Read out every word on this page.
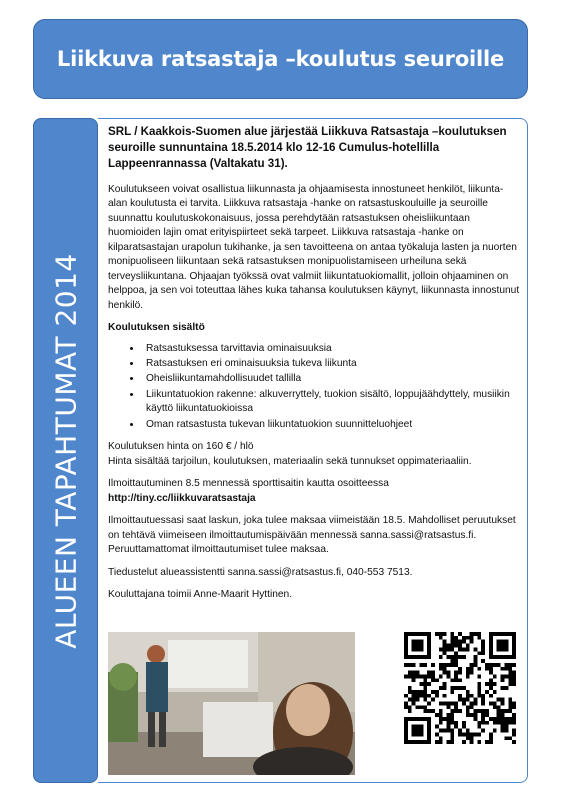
Liikkuva ratsastaja –koulutus seuroille
ALUEEN TAPAHTUMAT 2014

SRL / Kaakkois-Suomen alue järjestää Liikkuva Ratsastaja –koulutuksen seuroille sunnuntaina 18.5.2014 klo 12-16 Cumulus-hotellilla Lappeenrannassa (Valtakatu 31).

Koulutukseen voivat osallistua liikunnasta ja ohjaamisesta innostuneet henkilöt, liikunta-alan koulutusta ei tarvita. Liikkuva ratsastaja -hanke on ratsastuskouluille ja seuroille suunnattu koulutuskokonaisuus, jossa perehdytään ratsastuksen oheisliikuntaan huomioiden lajin omat erityispiirteet sekä tarpeet. Liikkuva ratsastaja -hanke on kilparatsastajan urapolun tukihanke, ja sen tavoitteena on antaa työkaluja lasten ja nuorten monipuoliseen liikuntaan sekä ratsastuksen monipuolistamiseen urheiluna sekä terveysliikuntana. Ohjaajan työkssä ovat valmiit liikuntatuokiomallit, jolloin ohjaaminen on helppoa, ja sen voi toteuttaa lähes kuka tahansa koulutuksen käynyt, liikunnasta innostunut henkilö.

Koulutuksen sisältö

• Ratsastuksessa tarvittavia ominaisuuksia
• Ratsastuksen eri ominaisuuksia tukeva liikunta
• Oheisliikuntamahdollisuudet tallilla
• Liikuntatuokion rakenne: alkuverryttely, tuokion sisältö, loppujäähdyttely, musiikin käyttö liikuntatuokioissa
• Oman ratsastusta tukevan liikuntatuokion suunnitteluohjeet

Koulutuksen hinta on 160 € / hlö
Hinta sisältää tarjoilun, koulutuksen, materiaalin sekä tunnukset oppimateriaaliin.

Ilmoittautuminen 8.5 mennessä sporttisaitin kautta osoitteessa
http://tiny.cc/liikkuvaratsastaja

Ilmoittautuessasi saat laskun, joka tulee maksaa viimeistään 18.5. Mahdolliset peruutukset on tehtävä viimeiseen ilmoittautumispäivään mennessä sanna.sassi@ratsastus.fi. Peruuttamattomat ilmoittautumiset tulee maksaa.

Tiedustelut alueassistentti sanna.sassi@ratsastus.fi, 040-553 7513.

Kouluttajana toimii Anne-Maarit Hyttinen.
